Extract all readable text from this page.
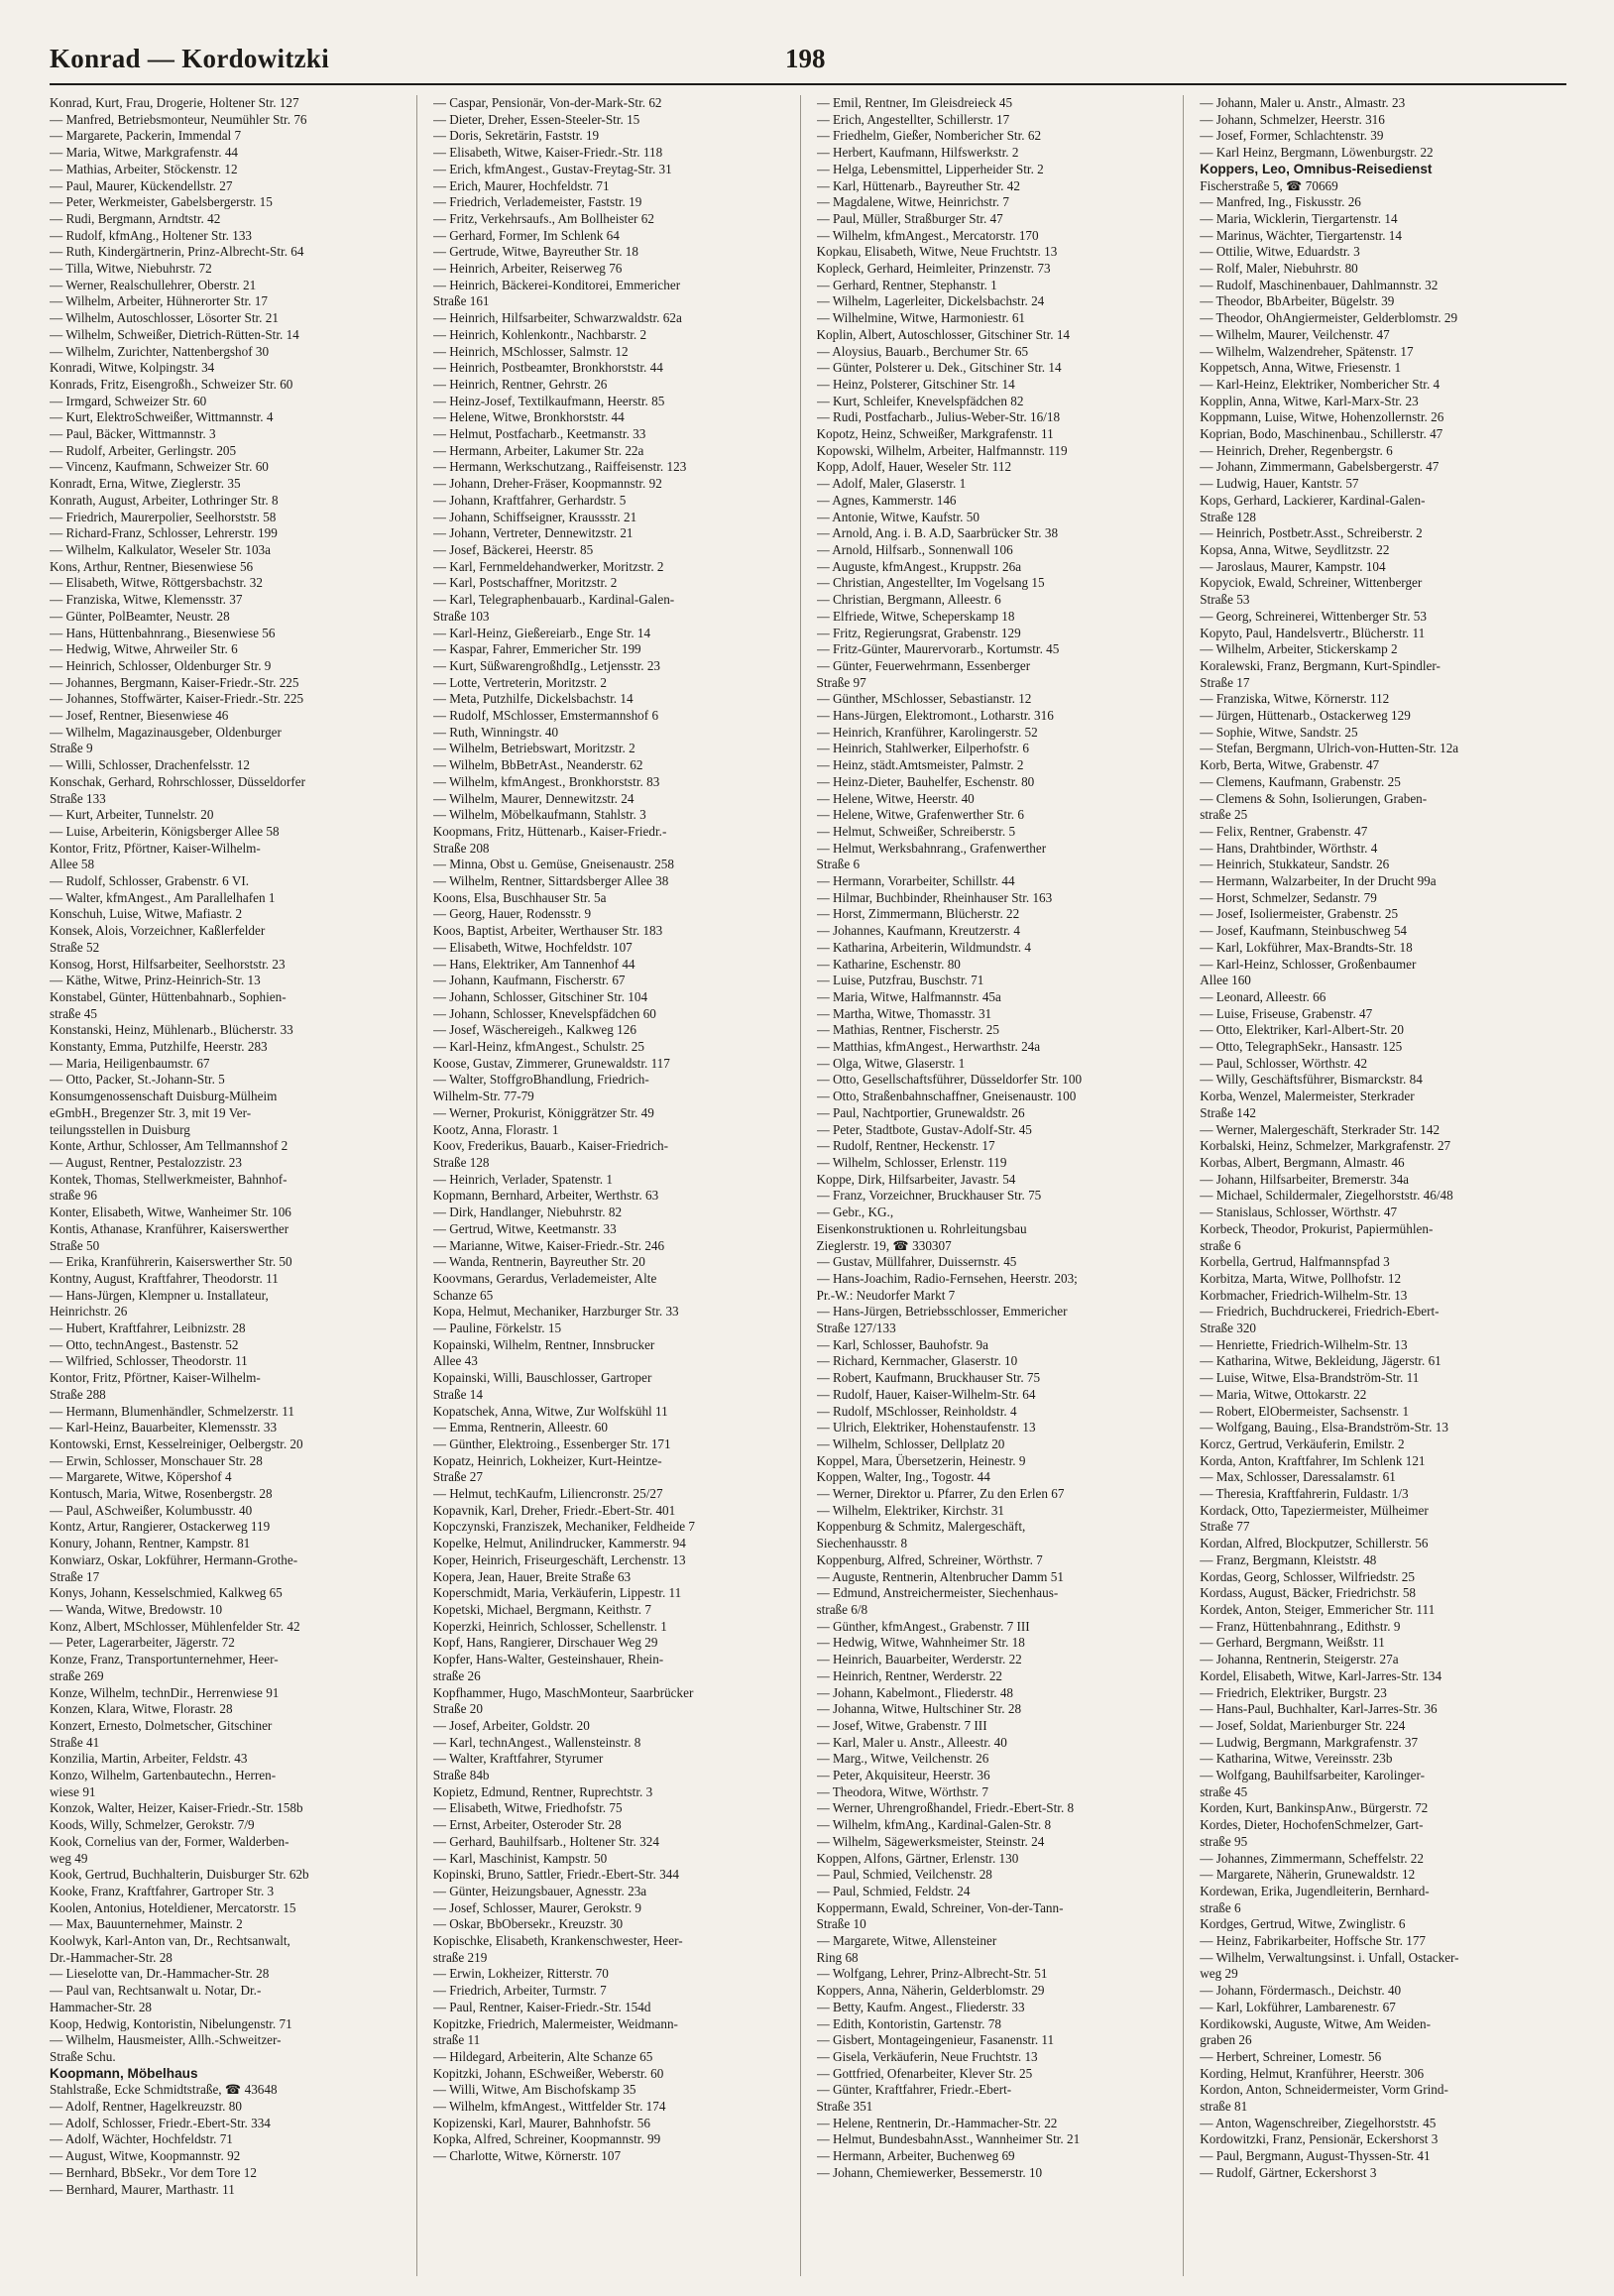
Konrad — Kordowitzki	198
Konrad, Kurt, Frau, Drogerie, Holtener Str. 127
— Manfred, Betriebsmonteur, Neumühler Str. 76
— Margarete, Packerin, Immendal 7
— Maria, Witwe, Markgrafenstr. 44
— Mathias, Arbeiter, Stöckenstr. 12
— Paul, Maurer, Kückendellstr. 27
— Peter, Werkmeister, Gabelsbergerstr. 15
— Rudi, Bergmann, Arndtstr. 42
— Rudolf, kfmAng., Holtener Str. 133
— Ruth, Kindergärtnerin, Prinz-Albrecht-Str. 64
— Tilla, Witwe, Niebuhrstr. 72
— Werner, Realschullehrer, Oberstr. 21
— Wilhelm, Arbeiter, Hühnerorter Str. 17
— Wilhelm, Autoschlosser, Lösorter Str. 21
— Wilhelm, Schweißer, Dietrich-Rütten-Str. 14
— Wilhelm, Zurichter, Nattenbergshof 30
Konradi, Witwe, Kolpingstr. 34
Konrads, Fritz, Eisengroßh., Schweizer Str. 60
— Irmgard, Schweizer Str. 60
— Kurt, ElektroSchweißer, Wittmannstr. 4
— Paul, Bäcker, Wittmannstr. 3
— Rudolf, Arbeiter, Gerlingstr. 205
— Vincenz, Kaufmann, Schweizer Str. 60
Konradt, Erna, Witwe, Zieglerstr. 35
Konrath, August, Arbeiter, Lothringer Str. 8
— Friedrich, Maurerpolier, Seelhorststr. 58
— Richard-Franz, Schlosser, Lehrerstr. 199
— Wilhelm, Kalkulator, Weseler Str. 103a
Kons, Arthur, Rentner, Biesenwiese 56
— Elisabeth, Witwe, Röttgersbachstr. 32
— Franziska, Witwe, Klemensstr. 37
— Günter, PolBeamter, Neustr. 28
— Hans, Hüttenbahnrang., Biesenwiese 56
— Hedwig, Witwe, Ahrweiler Str. 6
— Heinrich, Schlosser, Oldenburger Str. 9
— Johannes, Bergmann, Kaiser-Friedr.-Str. 225
— Johannes, Stoffwärter, Kaiser-Friedr.-Str. 225
— Josef, Rentner, Biesenwiese 46
— Wilhelm, Magazinausgeber, Oldenburger
Straße 9
— Willi, Schlosser, Drachenfelsstr. 12
Konschak, Gerhard, Rohrschlosser, Düsseldorfer
Straße 133
— Kurt, Arbeiter, Tunnelstr. 20
— Luise, Arbeiterin, Königsberger Allee 58
Kontor, Fritz, Pförtner, Kaiser-Wilhelm-
Allee 58
— Rudolf, Schlosser, Grabenstr. 6 VI.
— Walter, kfmAngest., Am Parallelhafen 1
Konschuh, Luise, Witwe, Mafiastr. 2
Konsek, Alois, Vorzeichner, Kaßlerfelder
Straße 52
Konsog, Horst, Hilfsarbeiter, Seelhorststr. 23
— Käthe, Witwe, Prinz-Heinrich-Str. 13
Konstabel, Günter, Hüttenbahnarb., Sophien-
straße 45
Konstanski, Heinz, Mühlenarb., Blücherstr. 33
Konstanty, Emma, Putzhilfe, Heerstr. 283
— Maria, Heiligenbaumstr. 67
— Otto, Packer, St.-Johann-Str. 5
Konsumgenossenschaft Duisburg-Mülheim
eGmbH., Bregenzer Str. 3, mit 19 Ver-
teilungsstellen in Duisburg
Konte, Arthur, Schlosser, Am Tellmannshof 2
— August, Rentner, Pestalozzistr. 23
Kontek, Thomas, Stellwerkmeister, Bahnhof-
straße 96
Konter, Elisabeth, Witwe, Wanheimer Str. 106
Kontis, Athanase, Kranführer, Kaiserswerther
Straße 50
— Erika, Kranführerin, Kaiserswerther Str. 50
Kontny, August, Kraftfahrer, Theodorstr. 11
— Hans-Jürgen, Klempner u. Installateur,
Heinrichstr. 26
— Hubert, Kraftfahrer, Leibnizstr. 28
— Otto, technAngest., Bastenstr. 52
— Wilfried, Schlosser, Theodorstr. 11
Kontor, Fritz, Pförtner, Kaiser-Wilhelm-
Straße 288
— Hermann, Blumenhändler, Schmelzerstr. 11
— Karl-Heinz, Bauarbeiter, Klemensstr. 33
Kontowski, Ernst, Kesselreiniger, Oelbergstr. 20
— Erwin, Schlosser, Monschauer Str. 28
— Margarete, Witwe, Köpershof 4
Kontusch, Maria, Witwe, Rosenbergstr. 28
— Paul, ASchweißer, Kolumbusstr. 40
Kontz, Artur, Rangierer, Ostackerweg 119
Konury, Johann, Rentner, Kampstr. 81
Konwiarz, Oskar, Lokführer, Hermann-Grothe-
Straße 17
Konys, Johann, Kesselschmied, Kalkweg 65
— Wanda, Witwe, Bredowstr. 10
Konz, Albert, MSchlosser, Mühlenfelder Str. 42
— Peter, Lagerarbeiter, Jägerstr. 72
Konze, Franz, Transportunternehmer, Heer-
straße 269
Konze, Wilhelm, technDir., Herrenwiese 91
Konzen, Klara, Witwe, Florastr. 28
Konzert, Ernesto, Dolmetscher, Gitschiner
Straße 41
Konzilia, Martin, Arbeiter, Feldstr. 43
Konzo, Wilhelm, Gartenbautechn., Herren-
wiese 91
Konzok, Walter, Heizer, Kaiser-Friedr.-Str. 158b
Koods, Willy, Schmelzer, Gerokstr. 7/9
Kook, Cornelius van der, Former, Walderben-
weg 49
Kook, Gertrud, Buchhalterin, Duisburger Str. 62b
Kooke, Franz, Kraftfahrer, Gartroper Str. 3
Koolen, Antonius, Hoteldiener, Mercatorstr. 15
— Max, Bauunternehmer, Mainstr. 2
Koolwyk, Karl-Anton van, Dr., Rechtsanwalt,
Dr.-Hammacher-Str. 28
— Lieselotte van, Dr.-Hammacher-Str. 28
— Paul van, Rechtsanwalt u. Notar, Dr.-
Hammacher-Str. 28
Koop, Hedwig, Kontoristin, Nibelungenstr. 71
— Wilhelm, Hausmeister, Allh.-Schweitzer-
Straße Schu.
Koopmann, Möbelhaus
Stahlstraße, Ecke Schmidtstraße, ☎ 43648
— Adolf, Rentner, Hagelkreuzstr. 80
— Adolf, Schlosser, Friedr.-Ebert-Str. 334
— Adolf, Wächter, Hochfeldstr. 71
— August, Witwe, Koopmannstr. 92
— Bernhard, BbSekr., Vor dem Tore 12
— Bernhard, Maurer, Marthastr. 11
— Caspar, Pensionär, Von-der-Mark-Str. 62
— Dieter, Dreher, Essen-Steeler-Str. 15
— Doris, Sekretärin, Faststr. 19
— Elisabeth, Witwe, Kaiser-Friedr.-Str. 118
— Erich, kfmAngest., Gustav-Freytag-Str. 31
— Erich, Maurer, Hochfeldstr. 71
— Friedrich, Verlademeister, Faststr. 19
— Fritz, Verkehrsaufs., Am Bollheister 62
— Gerhard, Former, Im Schlenk 64
— Gertrude, Witwe, Bayreuther Str. 18
— Heinrich, Arbeiter, Reiserweg 76
— Heinrich, Bäckerei-Konditorei, Emmericher
Straße 161
— Heinrich, Hilfsarbeiter, Schwarzwaldstr. 62a
— Heinrich, Kohlenkontr., Nachbarstr. 2
— Heinrich, MSchlosser, Salmstr. 12
— Heinrich, Postbeamter, Bronkhorststr. 44
— Heinrich, Rentner, Gehrstr. 26
— Heinz-Josef, Textilkaufmann, Heerstr. 85
— Helene, Witwe, Bronkhorststr. 44
— Helmut, Postfacharb., Keetmanstr. 33
— Hermann, Arbeiter, Lakumer Str. 22a
— Hermann, Werkschutzang., Raiffeisenstr. 123
— Johann, Dreher-Fräser, Koopmannstr. 92
— Johann, Kraftfahrer, Gerhardstr. 5
— Johann, Schiffseigner, Kraussstr. 21
— Johann, Vertreter, Dennewitzstr. 21
— Josef, Bäckerei, Heerstr. 85
— Karl, Fernmeldehandwerker, Moritzstr. 2
— Karl, Postschaffner, Moritzstr. 2
— Karl, Telegraphenbauarb., Kardinal-Galen-
Straße 103
— Karl-Heinz, Gießereiarb., Enge Str. 14
— Kaspar, Fahrer, Emmericher Str. 199
— Kurt, SüßwarengroßhdIg., Letjensstr. 23
— Lotte, Vertreterin, Moritzstr. 2
— Meta, Putzhilfe, Dickelsbachstr. 14
— Rudolf, MSchlosser, Emstermannshof 6
— Ruth, Winningstr. 40
— Wilhelm, Betriebswart, Moritzstr. 2
— Wilhelm, BbBetrAst., Neanderstr. 62
— Wilhelm, kfmAngest., Bronkhorststr. 83
— Wilhelm, Maurer, Dennewitzstr. 24
— Wilhelm, Möbelkaufmann, Stahlstr. 3
Koopmans, Fritz, Hüttenarb., Kaiser-Friedr.-
Straße 208
— Minna, Obst u. Gemüse, Gneisenaustr. 258
— Wilhelm, Rentner, Sittardsberger Allee 38
Koons, Elsa, Buschhauser Str. 5a
— Georg, Hauer, Rodensstr. 9
Koos, Baptist, Arbeiter, Werthauser Str. 183
— Elisabeth, Witwe, Hochfeldstr. 107
— Hans, Elektriker, Am Tannenhof 44
— Johann, Kaufmann, Fischerstr. 67
— Johann, Schlosser, Gitschiner Str. 104
— Johann, Schlosser, Knevelspfädchen 60
— Josef, Wäschereigeh., Kalkweg 126
— Karl-Heinz, kfmAngest., Schulstr. 25
Koose, Gustav, Zimmerer, Grunewaldstr. 117
— Walter, StoffgroBhandlung, Friedrich-
Wilhelm-Str. 77-79
— Werner, Prokurist, Königgrätzer Str. 49
Kootz, Anna, Florastr. 1
Koov, Frederikus, Bauarb., Kaiser-Friedrich-
Straße 128
— Heinrich, Verlader, Spatenstr. 1
Kopmann, Bernhard, Arbeiter, Werthstr. 63
— Dirk, Handlanger, Niebuhrstr. 82
— Gertrud, Witwe, Keetmanstr. 33
— Marianne, Witwe, Kaiser-Friedr.-Str. 246
— Wanda, Rentnerin, Bayreuther Str. 20
Koovmans, Gerardus, Verlademeister, Alte
Schanze 65
Kopa, Helmut, Mechaniker, Harzburger Str. 33
— Pauline, Förkelstr. 15
Kopainski, Wilhelm, Rentner, Innsbrucker
Allee 43
Kopainski, Willi, Bauschlosser, Gartroper
Straße 14
Kopatschek, Anna, Witwe, Zur Wolfskühl 11
— Emma, Rentnerin, Alleestr. 60
— Günther, Elektroing., Essenberger Str. 171
Kopatz, Heinrich, Lokheizer, Kurt-Heintze-
Straße 27
— Helmut, techKaufm, Liliencronstr. 25/27
Kopavnik, Karl, Dreher, Friedr.-Ebert-Str. 401
Kopczynski, Franziszek, Mechaniker, Feldheide 7
Kopelke, Helmut, Anilindrucker, Kammerstr. 94
Koper, Heinrich, Friseurgeschäft, Lerchenstr. 13
Kopera, Jean, Hauer, Breite Straße 63
Koperschmidt, Maria, Verkäuferin, Lippestr. 11
Kopetski, Michael, Bergmann, Keithstr. 7
Koperzki, Heinrich, Schlosser, Schellenstr. 1
Kopf, Hans, Rangierer, Dirschauer Weg 29
Kopfer, Hans-Walter, Gesteinshauer, Rhein-
straße 26
Kopfhammer, Hugo, MaschMonteur, Saarbrücker
Straße 20
— Josef, Arbeiter, Goldstr. 20
— Karl, technAngest., Wallensteinstr. 8
— Walter, Kraftfahrer, Styrumer
Straße 84b
Kopietz, Edmund, Rentner, Ruprechtstr. 3
— Elisabeth, Witwe, Friedhofstr. 75
— Ernst, Arbeiter, Osteroder Str. 28
— Gerhard, Bauhilfsarb., Holtener Str. 324
— Karl, Maschinist, Kampstr. 50
Kopinski, Bruno, Sattler, Friedr.-Ebert-Str. 344
— Günter, Heizungsbauer, Agnesstr. 23a
— Josef, Schlosser, Maurer, Gerokstr. 9
— Oskar, BbObersekr., Kreuzstr. 30
Kopischke, Elisabeth, Krankenschwester, Heer-
straße 219
— Erwin, Lokheizer, Ritterstr. 70
— Friedrich, Arbeiter, Turmstr. 7
— Paul, Rentner, Kaiser-Friedr.-Str. 154d
Kopitzke, Friedrich, Malermeister, Weidmann-
straße 11
— Hildegard, Arbeiterin, Alte Schanze 65
Kopitzki, Johann, ESchweißer, Weberstr. 60
— Willi, Witwe, Am Bischofskamp 35
— Wilhelm, kfmAngest., Wittfelder Str. 174
Kopizenski, Karl, Maurer, Bahnhofstr. 56
Kopka, Alfred, Schreiner, Koopmannstr. 99
— Charlotte, Witwe, Körnerstr. 107
— Emil, Rentner, Im Gleisdreieck 45
— Erich, Angestellter, Schillerstr. 17
— Friedhelm, Gießer, Nombericher Str. 62
— Herbert, Kaufmann, Hilfswerkstr. 2
— Helga, Lebensmittel, Lipperheider Str. 2
— Karl, Hüttenarb., Bayreuther Str. 42
— Magdalene, Witwe, Heinrichstr. 7
— Paul, Müller, Straßburger Str. 47
— Wilhelm, kfmAngest., Mercatorstr. 170
Kopkau, Elisabeth, Witwe, Neue Fruchtstr. 13
Kopleck, Gerhard, Heimleiter, Prinzenstr. 73
— Gerhard, Rentner, Stephanstr. 1
— Wilhelm, Lagerleiter, Dickelsbachstr. 24
— Wilhelmine, Witwe, Harmoniestr. 61
Koplin, Albert, Autoschlosser, Gitschiner Str. 14
— Aloysius, Bauarb., Berchumer Str. 65
— Günter, Polsterer u. Dek., Gitschiner Str. 14
— Heinz, Polsterer, Gitschiner Str. 14
— Kurt, Schleifer, Knevelspfädchen 82
— Rudi, Postfacharb., Julius-Weber-Str. 16/18
Kopotz, Heinz, Schweißer, Markgrafenstr. 11
Kopowski, Wilhelm, Arbeiter, Halfmannstr. 119
Kopp, Adolf, Hauer, Weseler Str. 112
— Adolf, Maler, Glaserstr. 1
— Agnes, Kammerstr. 146
— Antonie, Witwe, Kaufstr. 50
— Arnold, Ang. i. B. A.D, Saarbrücker Str. 38
— Arnold, Hilfsarb., Sonnenwall 106
— Auguste, kfmAngest., Kruppstr. 26a
— Christian, Angestellter, Im Vogelsang 15
— Christian, Bergmann, Alleestr. 6
— Elfriede, Witwe, Schepersk​amp 18
— Fritz, Regierungsrat, Grabenstr. 129
— Fritz-Günter, Maurervorarb., Kortumstr. 45
— Günter, Feuerwehrmann, Essenberger
Straße 97
— Günther, MSchlosser, Sebastianstr. 12
— Hans-Jürgen, Elektromont., Lotharstr. 316
— Heinrich, Kranführer, Karolingerstr. 52
— Heinrich, Stahlwerker, Eilperhofstr. 6
— Heinz, städt.Amtsmeister, Palmstr. 2
— Heinz-Dieter, Bauhelfer, Eschenstr. 80
— Helene, Witwe, Heerstr. 40
— Helene, Witwe, Grafenwerther Str. 6
— Helmut, Schweißer, Schreiberstr. 5
— Helmut, Werksbahnrang., Grafenwerther
Straße 6
— Hermann, Vorarbeiter, Schillstr. 44
— Hilmar, Buchbinder, Rheinhauser Str. 163
— Horst, Zimmermann, Blücherstr. 22
— Johannes, Kaufmann, Kreutzerstr. 4
— Katharina, Arbeiterin, Wildmundstr. 4
— Katharine, Eschenstr. 80
— Luise, Putzfrau, Buschstr. 71
— Maria, Witwe, Halfmannstr. 45a
— Martha, Witwe, Thomasstr. 31
— Mathias, Rentner, Fischerstr. 25
— Matthias, kfmAngest., Herwarthstr. 24a
— Olga, Witwe, Glaserstr. 1
— Otto, Gesellschaftsführer, Düsseldorfer Str. 100
— Otto, Straßenbahnschaffner, Gneisenaustr. 100
— Paul, Nachtportier, Grunewaldstr. 26
— Peter, Stadtbote, Gustav-Adolf-Str. 45
— Rudolf, Rentner, Heckenstr. 17
— Wilhelm, Schlosser, Erlenstr. 119
Koppe, Dirk, Hilfsarbeiter, Javastr. 54
— Franz, Vorzeichner, Bruckhauser Str. 75
— Gebr., KG.,
Eisenkonstruktionen u. Rohrleitungsbau
Zieglerstr. 19, ☎ 330307
— Gustav, Müllfahrer, Duissernstr. 45
— Hans-Joachim, Radio-Fernsehen, Heerstr. 203;
Pr.-W.: Neudorfer Markt 7
— Hans-Jürgen, Betriebsschlosser, Emmericher
Straße 127/133
— Karl, Schlosser, Bauhofstr. 9a
— Richard, Kernmacher, Glaserstr. 10
— Robert, Kaufmann, Bruckhauser Str. 75
— Rudolf, Hauer, Kaiser-Wilhelm-Str. 64
— Rudolf, MSchlosser, Reinholdstr. 4
— Ulrich, Elektriker, Hohenstaufenstr. 13
— Wilhelm, Schlosser, Dellplatz 20
Koppel, Mara, Übersetzerin, Heinestr. 9
Koppen, Walter, Ing., Togostr. 44
— Werner, Direktor u. Pfarrer, Zu den Erlen 67
— Wilhelm, Elektriker, Kirchstr. 31
Koppenburg & Schmitz, Malergeschäft,
Siechenhausstr. 8
Koppenburg, Alfred, Schreiner, Wörthstr. 7
— Auguste, Rentnerin, Altenbrucher Damm 51
— Edmund, Anstreichermeister, Siechenhaus-
straße 6/8
— Günther, kfmAngest., Grabenstr. 7 III
— Hedwig, Witwe, Wahnheimer Str. 18
— Heinrich, Bauarbeiter, Werderstr. 22
— Heinrich, Rentner, Werderstr. 22
— Johann, Kabelmont., Fliederstr. 48
— Johanna, Witwe, Hultschiner Str. 28
— Josef, Witwe, Grabenstr. 7 III
— Karl, Maler u. Anstr., Alleestr. 40
— Marg., Witwe, Veilchenstr. 26
— Peter, Akquisiteur, Heerstr. 36
— Theodora, Witwe, Wörthstr. 7
— Werner, Uhrengroßhandel, Friedr.-Ebert-Str. 8
— Wilhelm, kfmAng., Kardinal-Galen-Str. 8
— Wilhelm, Sägewerksmeister, Steinstr. 24
Koppen, Alfons, Gärtner, Erlenstr. 130
— Paul, Schmied, Veilchenstr. 28
— Paul, Schmied, Feldstr. 24
Koppermann, Ewald, Schreiner, Von-der-Tann-
Straße 10
— Margarete, Witwe, Allensteiner
Ring 68
— Wolfgang, Lehrer, Prinz-Albrecht-Str. 51
Koppers, Anna, Näherin, Gelderblomstr. 29
— Betty, Kaufm. Angest., Fliederstr. 33
— Edith, Kontoristin, Gartenstr. 78
— Gisbert, Montageingenieur, Fasanenstr. 11
— Gisela, Verkäuferin, Neue Fruchtstr. 13
— Gottfried, Ofenarbeiter, Klever Str. 25
— Günter, Kraftfahrer, Friedr.-Ebert-
Straße 351
— Helene, Rentnerin, Dr.-Hammacher-Str. 22
— Helmut, BundesbahnAsst., Wannheimer Str. 21
— Hermann, Arbeiter, Buchenweg 69
— Johann, Chemiewerker, Bessemerstr. 10
— Johann, Maler u. Anstr., Almastr. 23
— Johann, Schmelzer, Heerstr. 316
— Josef, Former, Schlachtenstr. 39
— Karl Heinz, Bergmann, Löwenburgstr. 22
Koppers, Leo, Omnibus-Reisedienst
Fischerstraße 5, ☎ 70669
— Manfred, Ing., Fiskusstr. 26
— Maria, Wicklerin, Tiergartenstr. 14
— Marinus, Wächter, Tiergartenstr. 14
— Ottilie, Witwe, Eduardstr. 3
— Rolf, Maler, Niebuhrstr. 80
— Rudolf, Maschinenbauer, Dahlmannstr. 32
— Theodor, BbArbeiter, Bügelstr. 39
— Theodor, OhAngiermeister, Gelderblomstr. 29
— Wilhelm, Maurer, Veilchenstr. 47
— Wilhelm, Walzendreher, Spätenstr. 17
Koppetsch, Anna, Witwe, Friesenstr. 1
— Karl-Heinz, Elektriker, Nombericher Str. 4
Kopplin, Anna, Witwe, Karl-Marx-Str. 23
Koppmann, Luise, Witwe, Hohenzollernstr. 26
Koprian, Bodo, Maschinenbau., Schillerstr. 47
— Heinrich, Dreher, Regenbergstr. 6
— Johann, Zimmermann, Gabelsbergerstr. 47
— Ludwig, Hauer, Kantstr. 57
Kops, Gerhard, Lackierer, Kardinal-Galen-
Straße 128
— Heinrich, Postbetr.Asst., Schreiberstr. 2
Kopsa, Anna, Witwe, Seydlitzstr. 22
— Jaroslaus, Maurer, Kampstr. 104
Kopyciok, Ewald, Schreiner, Wittenberger
Straße 53
— Georg, Schreinerei, Wittenberger Str. 53
Kopyto, Paul, Handelsvertr., Blücherstr. 11
— Wilhelm, Arbeiter, Stickerskamp 2
Koralewski, Franz, Bergmann, Kurt-Spindler-
Straße 17
— Franziska, Witwe, Körnerstr. 112
— Jürgen, Hüttenarb., Ostackerweg 129
— Sophie, Witwe, Sandstr. 25
— Stefan, Bergmann, Ulrich-von-Hutten-Str. 12a
Korb, Berta, Witwe, Grabenstr. 47
— Clemens, Kaufmann, Grabenstr. 25
— Clemens & Sohn, Isolierungen, Graben-
straße 25
— Felix, Rentner, Grabenstr. 47
— Hans, Drahtbinder, Wörthstr. 4
— Heinrich, Stukkateur, Sandstr. 26
— Hermann, Walzarbeiter, In der Drucht 99a
— Horst, Schmelzer, Sedanstr. 79
— Josef, Isoliermeister, Grabenstr. 25
— Josef, Kaufmann, Steinbuschweg 54
— Karl, Lokführer, Max-Brandts-Str. 18
— Karl-Heinz, Schlosser, Großenbaumer
Allee 160
— Leonard, Alleestr. 66
— Luise, Friseuse, Grabenstr. 47
— Otto, Elektriker, Karl-Albert-Str. 20
— Otto, TelegraphSekr., Hansastr. 125
— Paul, Schlosser, Wörthstr. 42
— Willy, Geschäftsführer, Bismarckstr. 84
Korba, Wenzel, Malermeister, Sterkrader
Straße 142
— Werner, Malergeschäft, Sterkrader Str. 142
Korbalski, Heinz, Schmelzer, Markgrafenstr. 27
Korbas, Albert, Bergmann, Almastr. 46
— Johann, Hilfsarbeiter, Bremerstr. 34a
— Michael, Schildermaler, Ziegelhorststr. 46/48
— Stanislaus, Schlosser, Wörthstr. 47
Korbeck, Theodor, Prokurist, Papiermühlen-
straße 6
Korbella, Gertrud, Halfmannspfad 3
Korbitza, Marta, Witwe, Pollhofstr. 12
Korbmacher, Friedrich-Wilhelm-Str. 13
— Friedrich, Buchdruckerei, Friedrich-Ebert-
Straße 320
— Henriette, Friedrich-Wilhelm-Str. 13
— Katharina, Witwe, Bekleidung, Jägerstr. 61
— Luise, Witwe, Elsa-Brandström-Str. 11
— Maria, Witwe, Ottokarstr. 22
— Robert, ElObermeister, Sachsenstr. 1
— Wolfgang, Bauing., Elsa-Brandström-Str. 13
Korcz, Gertrud, Verkäuferin, Emilstr. 2
Korda, Anton, Kraftfahrer, Im Schlenk 121
— Max, Schlosser, Daressalamstr. 61
— Theresia, Kraftfahrerin, Fuldastr. 1/3
Kordack, Otto, Tapeziermeister, Mülheimer
Straße 77
Kordan, Alfred, Blockputzer, Schillerstr. 56
— Franz, Bergmann, Kleiststr. 48
Kordas, Georg, Schlosser, Wilfriedstr. 25
Kordass, August, Bäcker, Friedrichstr. 58
Kordek, Anton, Steiger, Emmericher Str. 111
— Franz, Hüttenbahnrang., Edithstr. 9
— Gerhard, Bergmann, Weißstr. 11
— Johanna, Rentnerin, Steigerstr. 27a
Kordel, Elisabeth, Witwe, Karl-Jarres-Str. 134
— Friedrich, Elektriker, Burgstr. 23
— Hans-Paul, Buchhalter, Karl-Jarres-Str. 36
— Josef, Soldat, Marienburger Str. 224
— Ludwig, Bergmann, Markgrafenstr. 37
— Katharina, Witwe, Vereinsstr. 23b
— Wolfgang, Bauhilfsarbeiter, Karolinger-
straße 45
Korden, Kurt, BankinspAnw., Bürgerstr. 72
Kordes, Dieter, HochofenSchmelzer, Gart-
straße 95
— Johannes, Zimmermann, Scheffelstr. 22
— Margarete, Näherin, Grunewaldstr. 12
Kordewan, Erika, Jugendleiterin, Bernhard-
straße 6
Kordges, Gertrud, Witwe, Zwinglistr. 6
— Heinz, Fabrikarbeiter, Hoffsche Str. 177
— Wilhelm, Verwaltungsinst. i. Unfall, Ostacker-
weg 29
— Johann, Fördermasch., Deichstr. 40
— Karl, Lokführer, Lambarenestr. 67
Kordikowski, Auguste, Witwe, Am Weiden-
graben 26
— Herbert, Schreiner, Lomestr. 56
Kording, Helmut, Kranführer, Heerstr. 306
Kordon, Anton, Schneidermeister, Vorm Grind-
straße 81
— Anton, Wagenschreiber, Ziegelhorststr. 45
Kordowitzki, Franz, Pensionär, Eckershorst 3
— Paul, Bergmann, August-Thyssen-Str. 41
— Rudolf, Gärtner, Eckershorst 3
